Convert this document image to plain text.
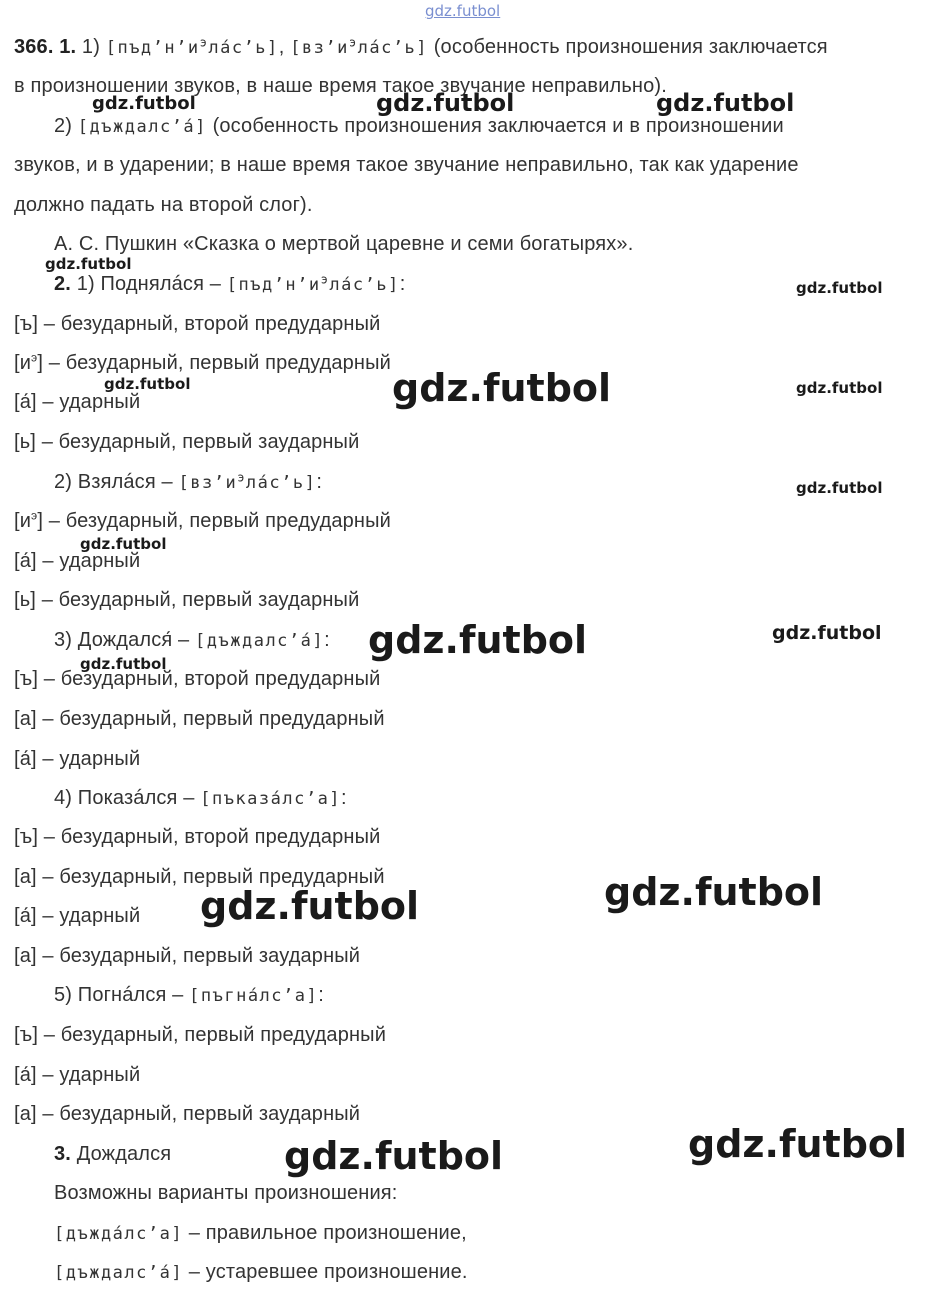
gdz.futbol
366. 1. 1) $[пъд’н’и^эла́с’ь]$, $[вз’и^эла́с’ь]$ (особенность произношения заключается
в произношении звуков, в наше время такое звучание неправильно).
2) [дъждалс’а́] (особенность произношения заключается и в произношении
звуков, и в ударении; в наше время такое звучание неправильно, так как ударение
должно падать на второй слог).
А. С. Пушкин «Сказка о мертвой царевне и семи богатырях».
2. 1) Поднялáся – $[пъд’н’и^эла́с’ь]$:
[ъ] – безударный, второй предударный
$[и^э]$ – безударный, первый предударный
[а́] – ударный
[ь] – безударный, первый заударный
2) Взялáся – $[вз’и^эла́с’ь]$:
$[и^э]$ – безударный, первый предударный
[а́] – ударный
[ь] – безударный, первый заударный
3) Дождалcя́ – [дъждалс’а́]:
[ъ] – безударный, второй предударный
[а] – безударный, первый предударный
[а́] – ударный
4) Показáлся – [пъказа́лс’а]:
[ъ] – безударный, второй предударный
[а] – безударный, первый предударный
[а́] – ударный
[а] – безударный, первый заударный
5) Погнáлся – [пъгна́лс’а]:
[ъ] – безударный, первый предударный
[а́] – ударный
[а] – безударный, первый заударный
3. Дождался
Возможны варианты произношения:
[дъжда́лс’а] – правильное произношение,
[дъждалс’а́] – устаревшее произношение.
gdz.futbol	gdz.futbol	gdz.futbol
gdz.futbol
gdz.futbol
gdz.futbol	gdz.futbol	gdz.futbol
gdz.futbol
gdz.futbol
gdz.futbol	gdz.futbol
gdz.futbol
gdz.futbol
gdz.futbol
gdz.futbol
gdz.futbol
